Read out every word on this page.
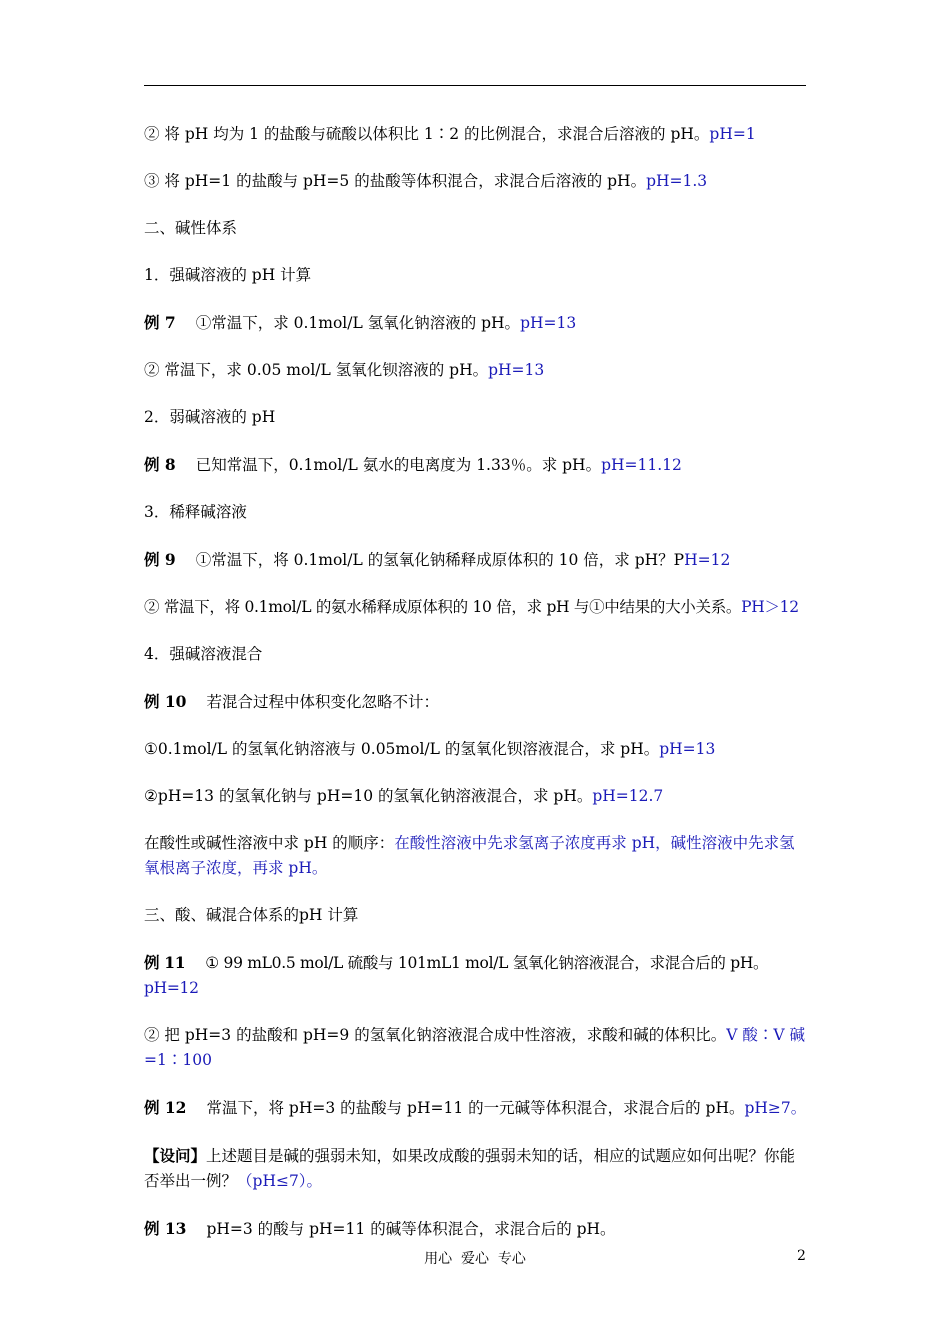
② 将 pH 均为 1 的盐酸与硫酸以体积比 1∶2 的比例混合，求混合后溶液的 pH。pH=1

③ 将 pH=1 的盐酸与 pH=5 的盐酸等体积混合，求混合后溶液的 pH。pH=1.3

二、碱性体系

1．强碱溶液的 pH 计算

例 7 ①常温下，求 0.1mol/L 氢氧化钠溶液的 pH。pH=13

② 常温下，求 0.05 mol/L 氢氧化钡溶液的 pH。pH=13

2．弱碱溶液的 pH

例 8 已知常温下，0.1mol/L 氨水的电离度为 1.33％。求 pH。pH=11.12

3．稀释碱溶液

例 9 ①常温下，将 0.1mol/L 的氢氧化钠稀释成原体积的 10 倍，求 pH？PH=12

② 常温下，将 0.1mol/L 的氨水稀释成原体积的 10 倍，求 pH 与①中结果的大小关系。PH＞12

4．强碱溶液混合

例 10 若混合过程中体积变化忽略不计：

①0.1mol/L 的氢氧化钠溶液与 0.05mol/L 的氢氧化钡溶液混合，求 pH。pH=13

②pH=13 的氢氧化钠与 pH=10 的氢氧化钠溶液混合，求 pH。pH=12.7

在酸性或碱性溶液中求 pH 的顺序：在酸性溶液中先求氢离子浓度再求 pH，碱性溶液中先求氢氧根离子浓度，再求 pH。

三、酸、碱混合体系的pH 计算

例 11 ① 99 mL0.5 mol/L 硫酸与 101mL1 mol/L 氢氧化钠溶液混合，求混合后的 pH。pH=12

② 把 pH=3 的盐酸和 pH=9 的氢氧化钠溶液混合成中性溶液，求酸和碱的体积比。V 酸∶V 碱=1∶100

例 12 常温下，将 pH=3 的盐酸与 pH=11 的一元碱等体积混合，求混合后的 pH。pH≥7。

【设问】上述题目是碱的强弱未知，如果改成酸的强弱未知的话，相应的试题应如何出呢？你能否举出一例？（pH≤7）。

例 13 pH=3 的酸与 pH=11 的碱等体积混合，求混合后的 pH。

用心  爱心  专心	2
